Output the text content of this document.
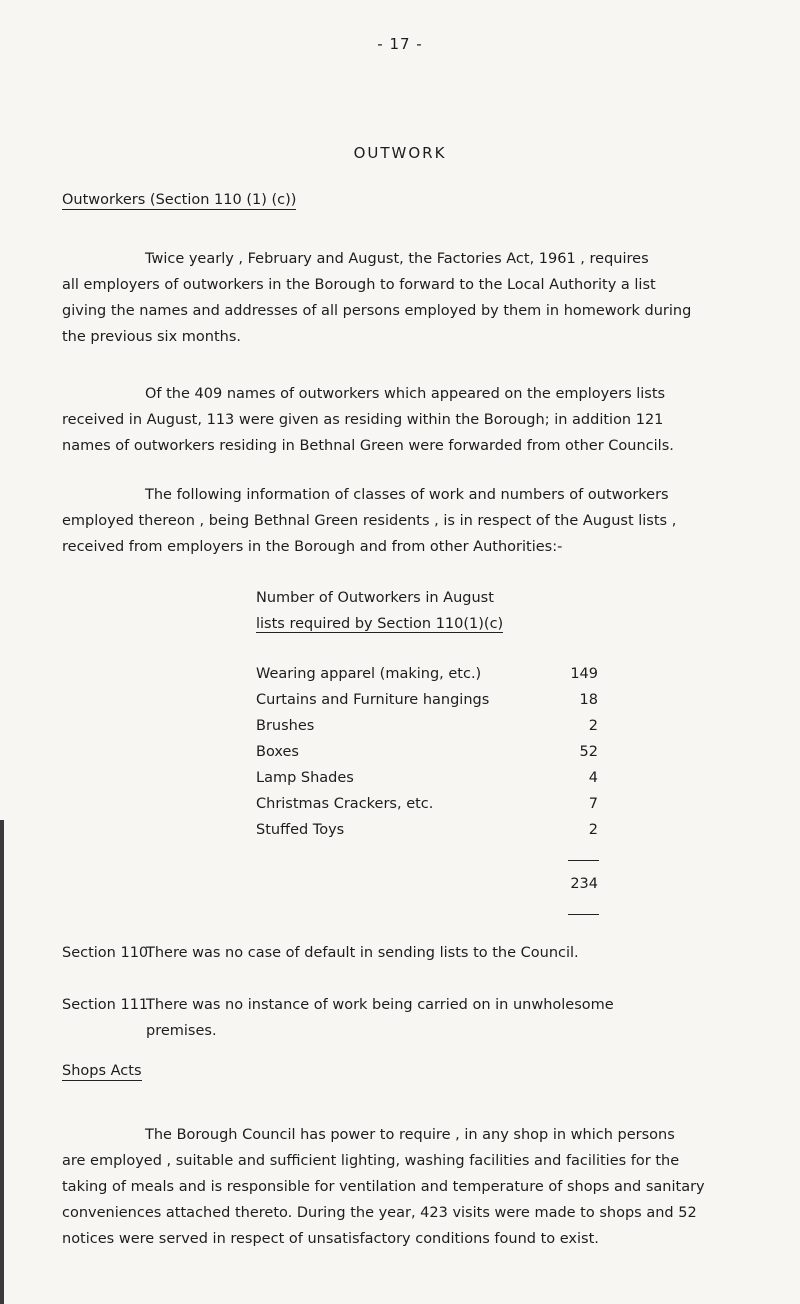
- 17 -
OUTWORK
Outworkers (Section 110 (1) (c))
Twice yearly , February and August, the Factories Act, 1961 , requires
all employers of outworkers in the Borough to forward to the Local Authority a list
giving the names and addresses of all persons employed by them in homework during
the previous six months.
Of the 409 names of outworkers which appeared on the employers lists
received in August, 113 were given as residing within the Borough; in addition 121
names of outworkers residing in Bethnal Green were forwarded from other Councils.
The following information of classes of work and numbers of outworkers
employed thereon , being Bethnal Green residents , is in respect of the August lists ,
received from employers in the Borough and from other Authorities:-
Number of Outworkers in August
lists required by Section 110(1)(c)
Wearing apparel (making, etc.)	149
Curtains and Furniture hangings	18
Brushes	2
Boxes	52
Lamp Shades	4
Christmas Crackers, etc.	7
Stuffed Toys	2
234
Section 110.
There was no case of default in sending lists to the Council.
Section 111.
There was no instance of work being carried on in unwholesome
premises.
Shops Acts
The Borough Council has power to require , in any shop in which persons
are employed , suitable and sufficient lighting, washing facilities and facilities for the
taking of meals and is responsible for ventilation and temperature of shops and sanitary
conveniences attached thereto. During the year, 423 visits were made to shops and 52
notices were served in respect of unsatisfactory conditions found to exist.
